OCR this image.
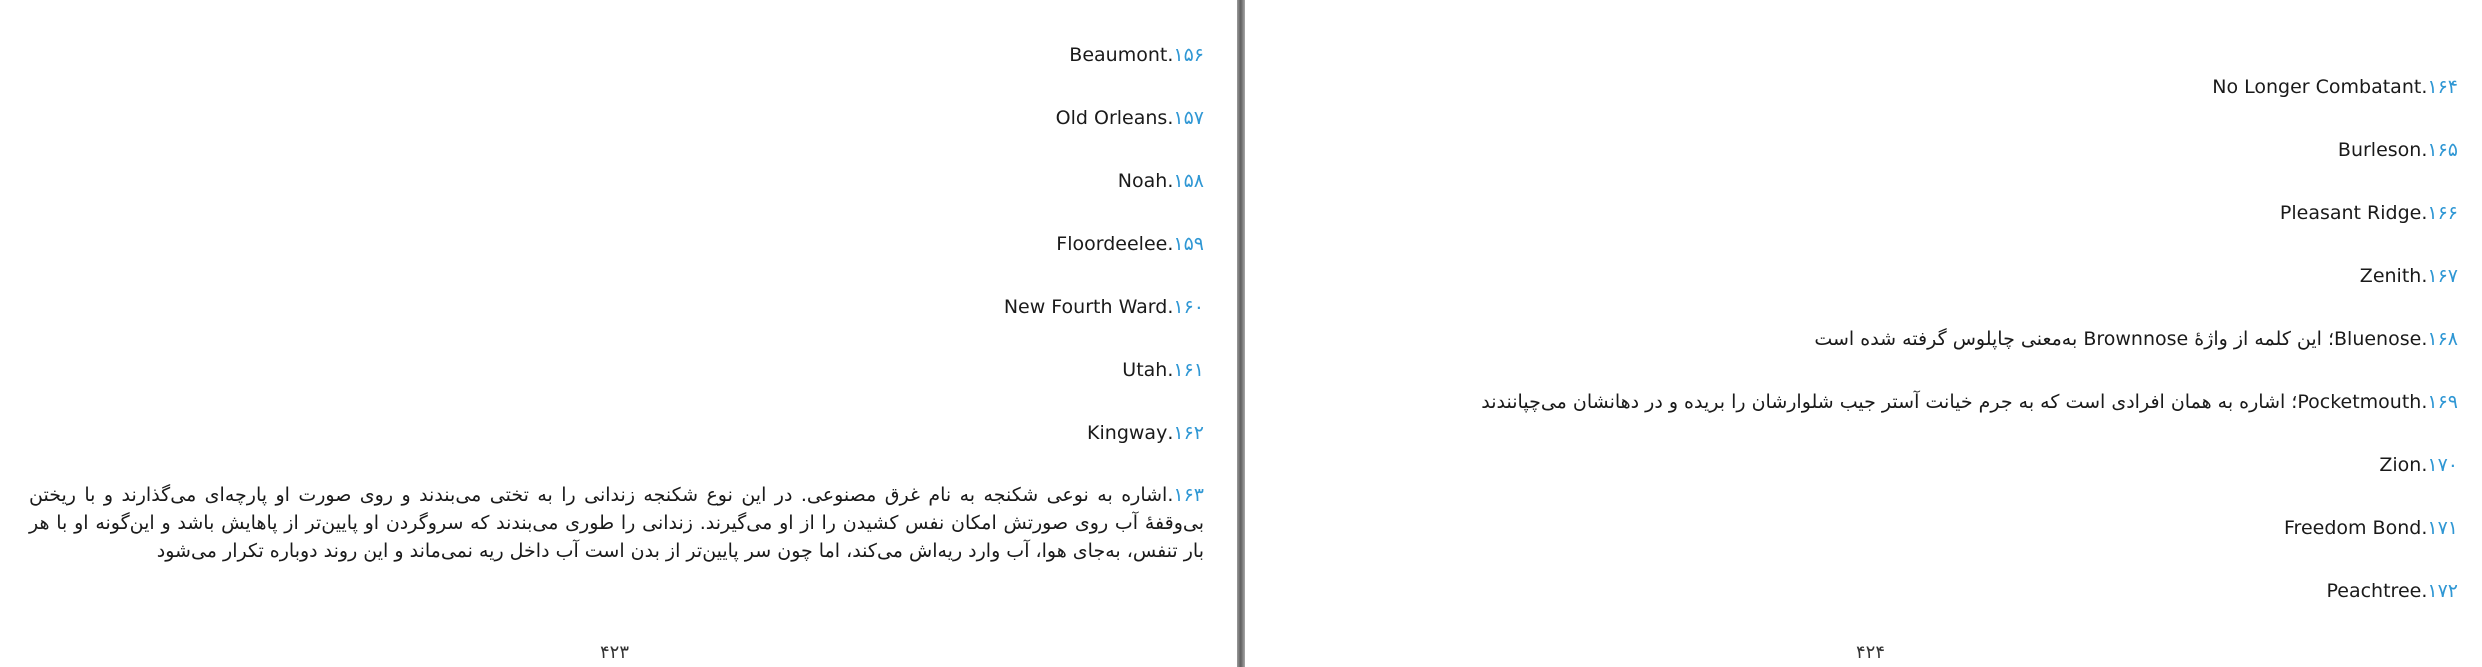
۱۵۶.Beaumont
۱۵۷.Old Orleans
۱۵۸.Noah
۱۵۹.Floordeelee
۱۶۰.New Fourth Ward
۱۶۱.Utah
۱۶۲.Kingway
۱۶۳.اشاره به نوعی شکنجه به نام غرق مصنوعی. در این نوع شکنجه زندانی را به تختی می‌بندند و روی صورت او پارچه‌ای می‌گذارند و با ریختن بی‌وقفهٔ آب روی صورتش امکان نفس کشیدن را از او می‌گیرند. زندانی را طوری می‌بندند که سروگردن او پایین‌تر از پاهایش باشد و این‌گونه او با هر بار تنفس، به‌جای هوا، آب وارد ریه‌اش می‌کند، اما چون سر پایین‌تر از بدن است آب داخل ریه نمی‌ماند و این روند دوباره تکرار می‌شود
۴۲۳
۱۶۴.No Longer Combatant
۱۶۵.Burleson
۱۶۶.Pleasant Ridge
۱۶۷.Zenith
۱۶۸.Bluenose؛ این کلمه از واژهٔ Brownnose به‌معنی چاپلوس گرفته شده است
۱۶۹.Pocketmouth؛ اشاره به همان افرادی است که به جرم خیانت آستر جیب شلوارشان را بریده و در دهانشان می‌چپانندند
۱۷۰.Zion
۱۷۱.Freedom Bond
۱۷۲.Peachtree
۴۲۴
